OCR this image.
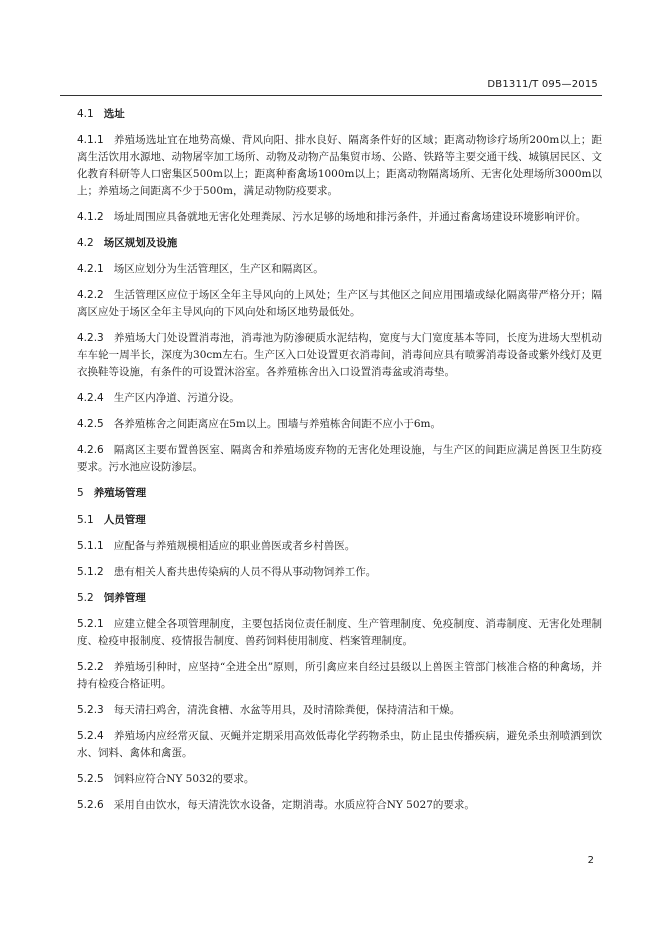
DB1311/T 095—2015
4.1 选址
4.1.1 养殖场选址宜在地势高燥、背风向阳、排水良好、隔离条件好的区域；距离动物诊疗场所200m以上；距离生活饮用水源地、动物屠宰加工场所、动物及动物产品集贸市场、公路、铁路等主要交通干线、城镇居民区、文化教育科研等人口密集区500m以上；距离种畜禽场1000m以上；距离动物隔离场所、无害化处理场所3000m以上；养殖场之间距离不少于500m，满足动物防疫要求。
4.1.2 场址周围应具备就地无害化处理粪尿、污水足够的场地和排污条件，并通过畜禽场建设环境影响评价。
4.2 场区规划及设施
4.2.1 场区应划分为生活管理区，生产区和隔离区。
4.2.2 生活管理区应位于场区全年主导风向的上风处；生产区与其他区之间应用围墙或绿化隔离带严格分开；隔离区应处于场区全年主导风向的下风向处和场区地势最低处。
4.2.3 养殖场大门处设置消毒池，消毒池为防渗硬质水泥结构，宽度与大门宽度基本等同，长度为进场大型机动车车轮一周半长，深度为30cm左右。生产区入口处设置更衣消毒间，消毒间应具有喷雾消毒设备或紫外线灯及更衣换鞋等设施，有条件的可设置沐浴室。各养殖栋舍出入口设置消毒盆或消毒垫。
4.2.4 生产区内净道、污道分设。
4.2.5 各养殖栋舍之间距离应在5m以上。围墙与养殖栋舍间距不应小于6m。
4.2.6 隔离区主要布置兽医室、隔离舍和养殖场废弃物的无害化处理设施，与生产区的间距应满足兽医卫生防疫要求。污水池应设防渗层。
5 养殖场管理
5.1 人员管理
5.1.1 应配备与养殖规模相适应的职业兽医或者乡村兽医。
5.1.2 患有相关人畜共患传染病的人员不得从事动物饲养工作。
5.2 饲养管理
5.2.1 应建立健全各项管理制度，主要包括岗位责任制度、生产管理制度、免疫制度、消毒制度、无害化处理制度、检疫申报制度、疫情报告制度、兽药饲料使用制度、档案管理制度。
5.2.2 养殖场引种时，应坚持“全进全出”原则，所引禽应来自经过县级以上兽医主管部门核准合格的种禽场，并持有检疫合格证明。
5.2.3 每天清扫鸡舍，清洗食槽、水盆等用具，及时清除粪便，保持清洁和干燥。
5.2.4 养殖场内应经常灭鼠、灭蝇并定期采用高效低毒化学药物杀虫，防止昆虫传播疾病，避免杀虫剂喷洒到饮水、饲料、禽体和禽蛋。
5.2.5 饲料应符合NY 5032的要求。
5.2.6 采用自由饮水，每天清洗饮水设备，定期消毒。水质应符合NY 5027的要求。
2
